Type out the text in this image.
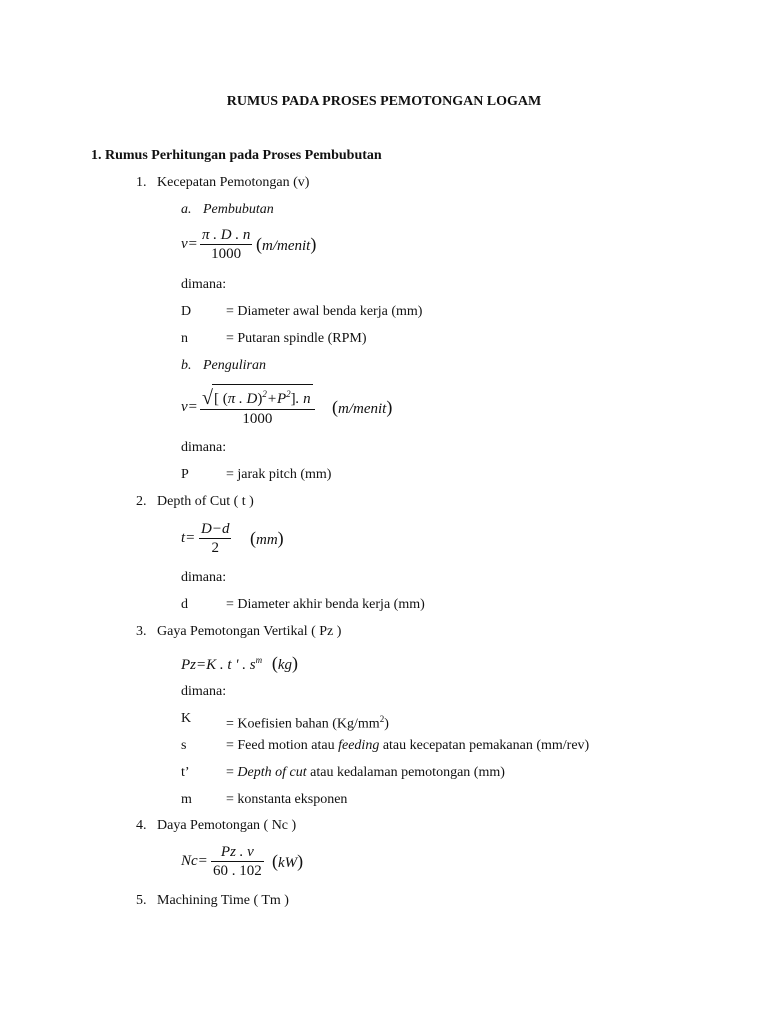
RUMUS PADA PROSES PEMOTONGAN LOGAM
1. Rumus Perhitungan pada Proses Pembubutan
1.   Kecepatan Pemotongan (v)
a. Pembubutan
v=
π . D . n
1000 (m/menit)
dimana:
D = Diameter awal benda kerja (mm)
n	= Putaran spindle (RPM)
b. Penguliran
v= √ [ (π . $D)^2+P^2$]. n
1000
(m/menit)
dimana:
P	= jarak pitch (mm)
2.   Depth of Cut ( t )
t=
D−d
2 (mm)
dimana:
d	= Diameter akhir benda kerja (mm)
3.   Gaya Pemotongan Vertikal ( Pz )
Pz=K . t ' . $s^m$ (kg)
dimana:
K = Koefisien bahan $(Kg/mm^2)$
s	= Feed motion atau feeding atau kecepatan pemakanan (mm/rev)
t’	= Depth of cut atau kedalaman pemotongan (mm)
m = konstanta eksponen
4.   Daya Pemotongan ( Nc )
Nc=
Pz . v
60 . 102 (kW)
5.   Machining Time ( Tm )
